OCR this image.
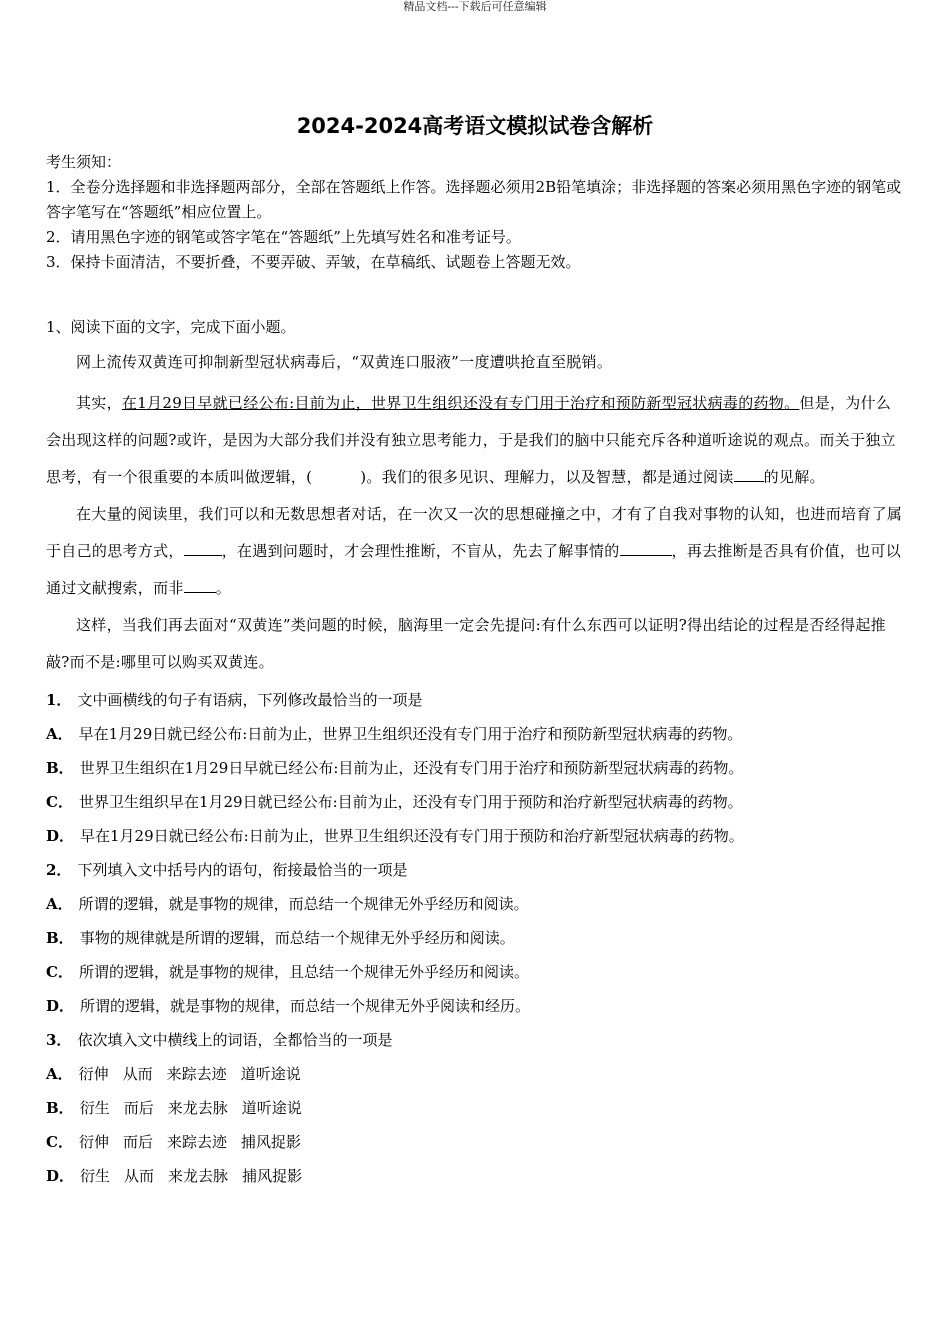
精品文档---下载后可任意编辑
2024-2024高考语文模拟试卷含解析

考生须知：

1．全卷分选择题和非选择题两部分，全部在答题纸上作答。选择题必须用2B铅笔填涂；非选择题的答案必须用黑色字迹的钢笔或答字笔写在“答题纸”相应位置上。

2．请用黑色字迹的钢笔或答字笔在“答题纸”上先填写姓名和准考证号。

3．保持卡面清洁，不要折叠，不要弄破、弄皱，在草稿纸、试题卷上答题无效。

1、阅读下面的文字，完成下面小题。

网上流传双黄连可抑制新型冠状病毒后，“双黄连口服液”一度遭哄抢直至脱销。

其实，在1月29日早就已经公布:目前为止，世界卫生组织还没有专门用于治疗和预防新型冠状病毒的药物。但是，为什么会出现这样的问题?或许，是因为大部分我们并没有独立思考能力，于是我们的脑中只能充斥各种道听途说的观点。而关于独立思考，有一个很重要的本质叫做逻辑，(	)。我们的很多见识、理解力，以及智慧，都是通过阅读 的见解。

在大量的阅读里，我们可以和无数思想者对话，在一次又一次的思想碰撞之中，才有了自我对事物的认知，也进而培育了属于自己的思考方式，	，在遇到问题时，才会理性推断，不盲从，先去了解事情的	，再去推断是否具有价值，也可以通过文献搜索，而非 。

这样，当我们再去面对“双黄连”类问题的时候，脑海里一定会先提问:有什么东西可以证明?得出结论的过程是否经得起推敲?而不是:哪里可以购买双黄连。

1． 文中画横线的句子有语病，下列修改最恰当的一项是

A． 早在1月29日就已经公布:日前为止，世界卫生组织还没有专门用于治疗和预防新型冠状病毒的药物。

B． 世界卫生组织在1月29日早就已经公布:目前为止，还没有专门用于治疗和预防新型冠状病毒的药物。

C． 世界卫生组织早在1月29日就已经公布:目前为止，还没有专门用于预防和治疗新型冠状病毒的药物。

D． 早在1月29日就已经公布:日前为止，世界卫生组织还没有专门用于预防和治疗新型冠状病毒的药物。

2． 下列填入文中括号内的语句，衔接最恰当的一项是

A． 所谓的逻辑，就是事物的规律，而总结一个规律无外乎经历和阅读。

B． 事物的规律就是所谓的逻辑，而总结一个规律无外乎经历和阅读。

C． 所谓的逻辑，就是事物的规律，且总结一个规律无外乎经历和阅读。

D． 所谓的逻辑，就是事物的规律，而总结一个规律无外乎阅读和经历。

3． 依次填入文中横线上的词语，全都恰当的一项是

A． 衍伸 从而 来踪去迹 道听途说

B． 衍生 而后 来龙去脉 道听途说

C． 衍伸 而后 来踪去迹 捕风捉影

D． 衍生 从而 来龙去脉 捕风捉影
